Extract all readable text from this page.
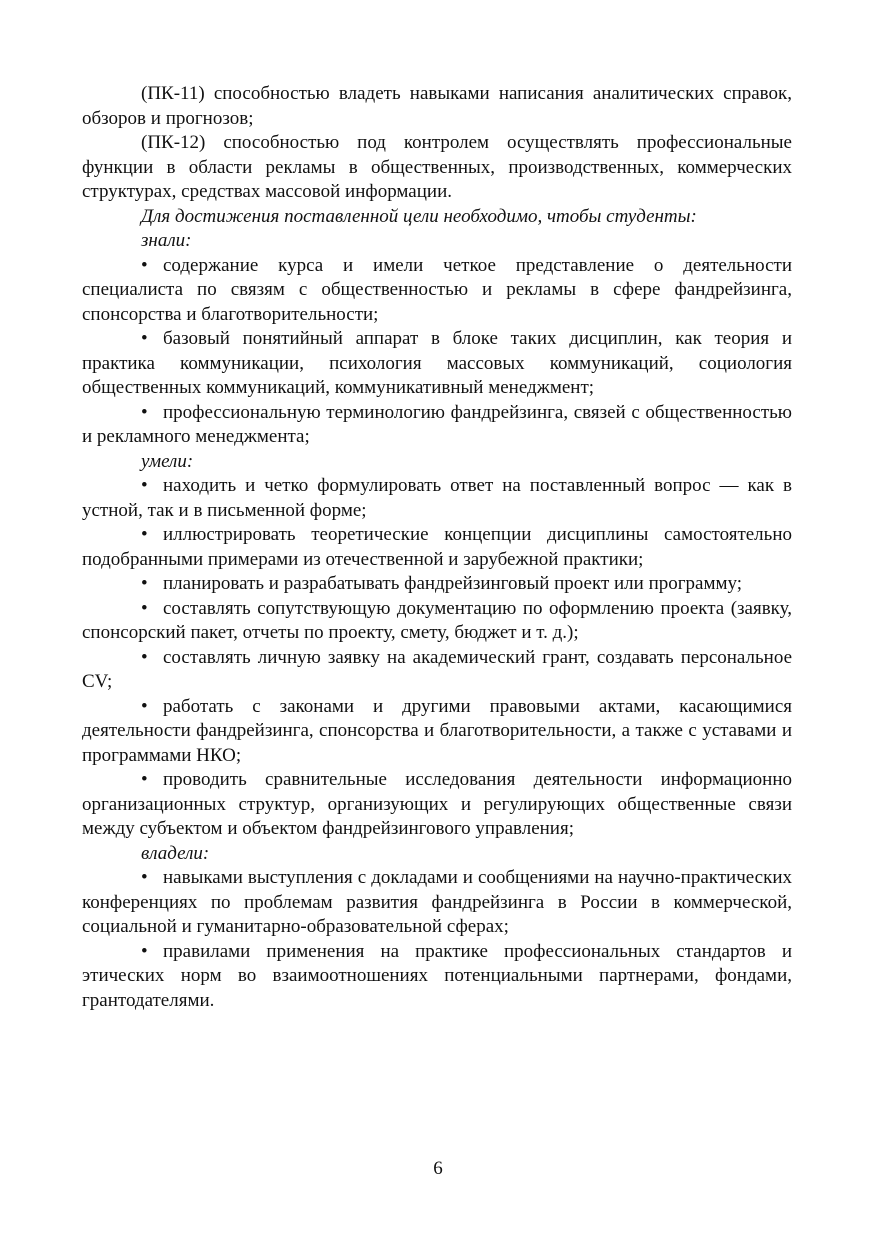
(ПК-11) способностью владеть навыками написания аналитических справок, обзоров и прогнозов;

(ПК-12) способностью под контролем осуществлять профессиональные функции в области рекламы в общественных, производственных, коммерческих структурах, средствах массовой информации.

Для достижения поставленной цели необходимо, чтобы студенты:

знали:

• содержание курса и имели четкое представление о деятельности специалиста по связям с общественностью и рекламы в сфере фандрейзинга, спонсорства и благотворительности;

• базовый понятийный аппарат в блоке таких дисциплин, как теория и практика коммуникации, психология массовых коммуникаций, социология общественных коммуникаций, коммуникативный менеджмент;

• профессиональную терминологию фандрейзинга, связей с общественностью и рекламного менеджмента;

умели:

• находить и четко формулировать ответ на поставленный вопрос — как в устной, так и в письменной форме;

• иллюстрировать теоретические концепции дисциплины самостоятельно подобранными примерами из отечественной и зарубежной практики;

• планировать и разрабатывать фандрейзинговый проект или программу;

• составлять сопутствующую документацию по оформлению проекта (заявку, спонсорский пакет, отчеты по проекту, смету, бюджет и т. д.);

• составлять личную заявку на академический грант, создавать персональное CV;

• работать с законами и другими правовыми актами, касающимися деятельности фандрейзинга, спонсорства и благотворительности, а также с уставами и программами НКО;

• проводить сравнительные исследования деятельности информационно организационных структур, организующих и регулирующих общественные связи между субъектом и объектом фандрейзингового управления;

владели:

• навыками выступления с докладами и сообщениями на научно-практических конференциях по проблемам развития фандрейзинга в России в коммерческой, социальной и гуманитарно-образовательной сферах;

• правилами применения на практике профессиональных стандартов и этических норм во взаимоотношениях потенциальными партнерами, фондами, грантодателями.

6
